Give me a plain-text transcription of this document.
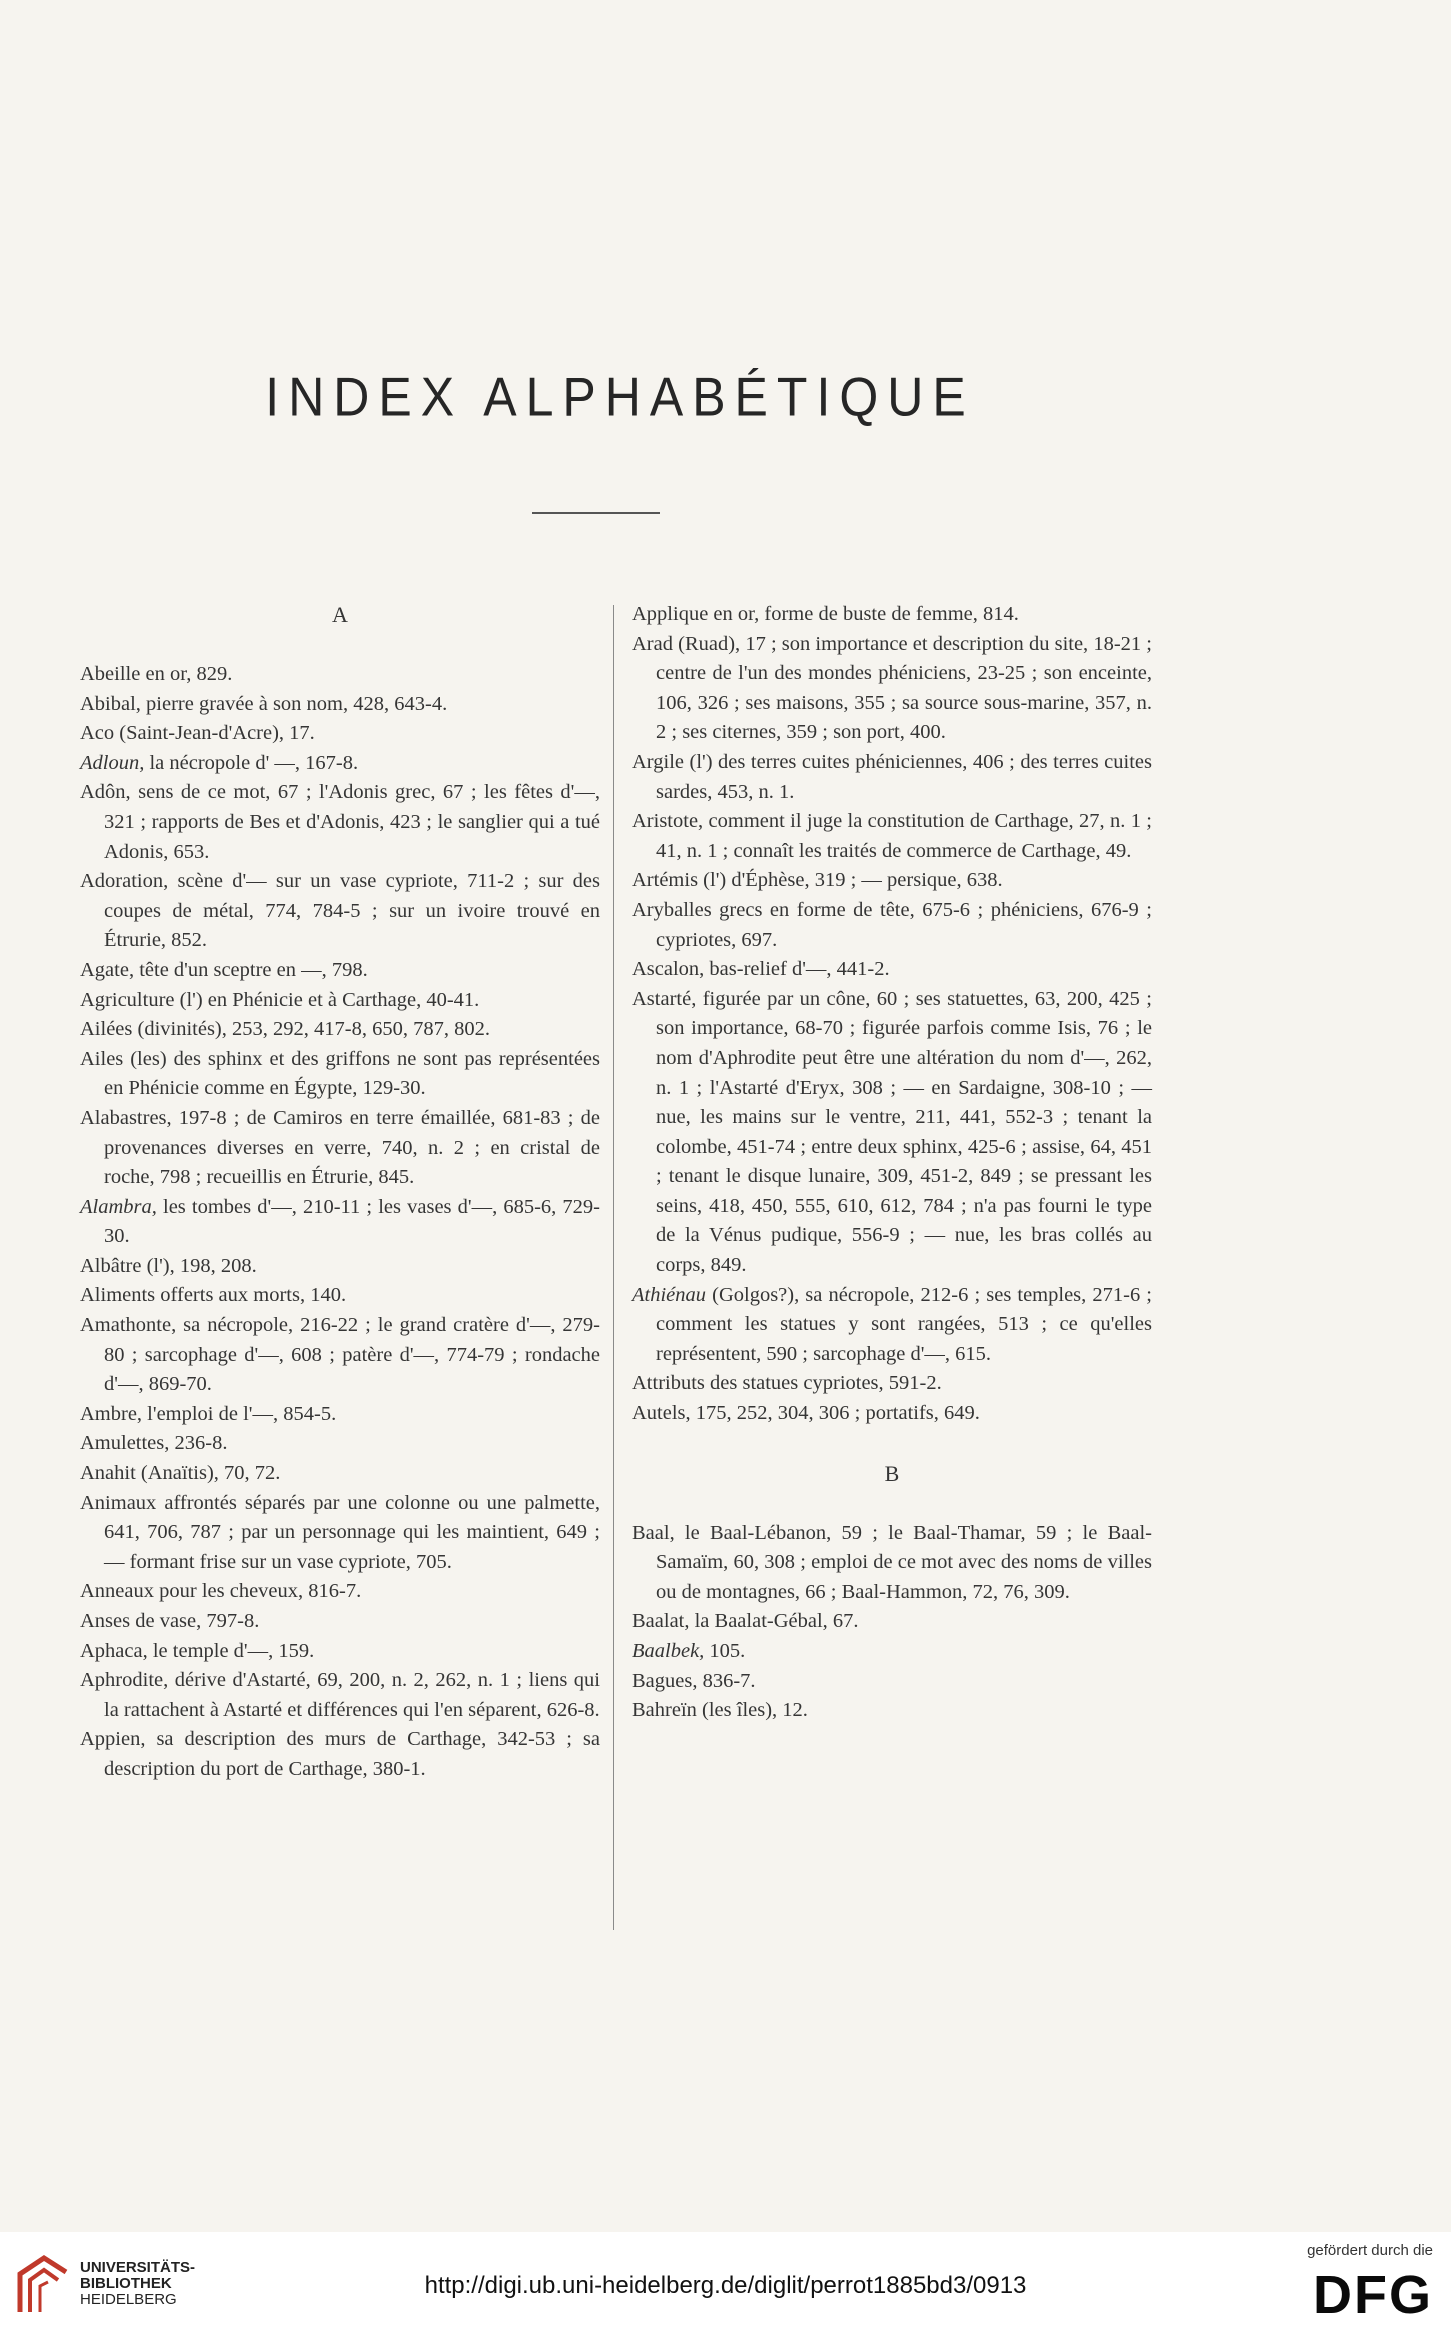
INDEX ALPHABÉTIQUE
A
Abeille en or, 829.
Abibal, pierre gravée à son nom, 428, 643-4.
Aco (Saint-Jean-d'Acre), 17.
Adloun, la nécropole d' —, 167-8.
Adôn, sens de ce mot, 67 ; l'Adonis grec, 67 ; les fêtes d'—, 321 ; rapports de Bes et d'Adonis, 423 ; le sanglier qui a tué Adonis, 653.
Adoration, scène d'— sur un vase cypriote, 711-2 ; sur des coupes de métal, 774, 784-5 ; sur un ivoire trouvé en Étrurie, 852.
Agate, tête d'un sceptre en —, 798.
Agriculture (l') en Phénicie et à Carthage, 40-41.
Ailées (divinités), 253, 292, 417-8, 650, 787, 802.
Ailes (les) des sphinx et des griffons ne sont pas représentées en Phénicie comme en Égypte, 129-30.
Alabastres, 197-8 ; de Camiros en terre émaillée, 681-83 ; de provenances diverses en verre, 740, n. 2 ; en cristal de roche, 798 ; recueillis en Étrurie, 845.
Alambra, les tombes d'—, 210-11 ; les vases d'—, 685-6, 729-30.
Albâtre (l'), 198, 208.
Aliments offerts aux morts, 140.
Amathonte, sa nécropole, 216-22 ; le grand cratère d'—, 279-80 ; sarcophage d'—, 608 ; patère d'—, 774-79 ; rondache d'—, 869-70.
Ambre, l'emploi de l'—, 854-5.
Amulettes, 236-8.
Anahit (Anaïtis), 70, 72.
Animaux affrontés séparés par une colonne ou une palmette, 641, 706, 787 ; par un personnage qui les maintient, 649 ; — formant frise sur un vase cypriote, 705.
Anneaux pour les cheveux, 816-7.
Anses de vase, 797-8.
Aphaca, le temple d'—, 159.
Aphrodite, dérive d'Astarté, 69, 200, n. 2, 262, n. 1 ; liens qui la rattachent à Astarté et différences qui l'en séparent, 626-8.
Appien, sa description des murs de Carthage, 342-53 ; sa description du port de Carthage, 380-1.
Applique en or, forme de buste de femme, 814.
Arad (Ruad), 17 ; son importance et description du site, 18-21 ; centre de l'un des mondes phéniciens, 23-25 ; son enceinte, 106, 326 ; ses maisons, 355 ; sa source sous-marine, 357, n. 2 ; ses citernes, 359 ; son port, 400.
Argile (l') des terres cuites phéniciennes, 406 ; des terres cuites sardes, 453, n. 1.
Aristote, comment il juge la constitution de Carthage, 27, n. 1 ; 41, n. 1 ; connaît les traités de commerce de Carthage, 49.
Artémis (l') d'Éphèse, 319 ; — persique, 638.
Aryballes grecs en forme de tête, 675-6 ; phéniciens, 676-9 ; cypriotes, 697.
Ascalon, bas-relief d'—, 441-2.
Astarté, figurée par un cône, 60 ; ses statuettes, 63, 200, 425 ; son importance, 68-70 ; figurée parfois comme Isis, 76 ; le nom d'Aphrodite peut être une altération du nom d'—, 262, n. 1 ; l'Astarté d'Eryx, 308 ; — en Sardaigne, 308-10 ; — nue, les mains sur le ventre, 211, 441, 552-3 ; tenant la colombe, 451-74 ; entre deux sphinx, 425-6 ; assise, 64, 451 ; tenant le disque lunaire, 309, 451-2, 849 ; se pressant les seins, 418, 450, 555, 610, 612, 784 ; n'a pas fourni le type de la Vénus pudique, 556-9 ; — nue, les bras collés au corps, 849.
Athiénau (Golgos?), sa nécropole, 212-6 ; ses temples, 271-6 ; comment les statues y sont rangées, 513 ; ce qu'elles représentent, 590 ; sarcophage d'—, 615.
Attributs des statues cypriotes, 591-2.
Autels, 175, 252, 304, 306 ; portatifs, 649.
B
Baal, le Baal-Lébanon, 59 ; le Baal-Thamar, 59 ; le Baal-Samaïm, 60, 308 ; emploi de ce mot avec des noms de villes ou de montagnes, 66 ; Baal-Hammon, 72, 76, 309.
Baalat, la Baalat-Gébal, 67.
Baalbek, 105.
Bagues, 836-7.
Bahreïn (les îles), 12.
UNIVERSITÄTS-
BIBLIOTHEK
HEIDELBERG
http://digi.ub.uni-heidelberg.de/diglit/perrot1885bd3/0913
gefördert durch die
DFG
